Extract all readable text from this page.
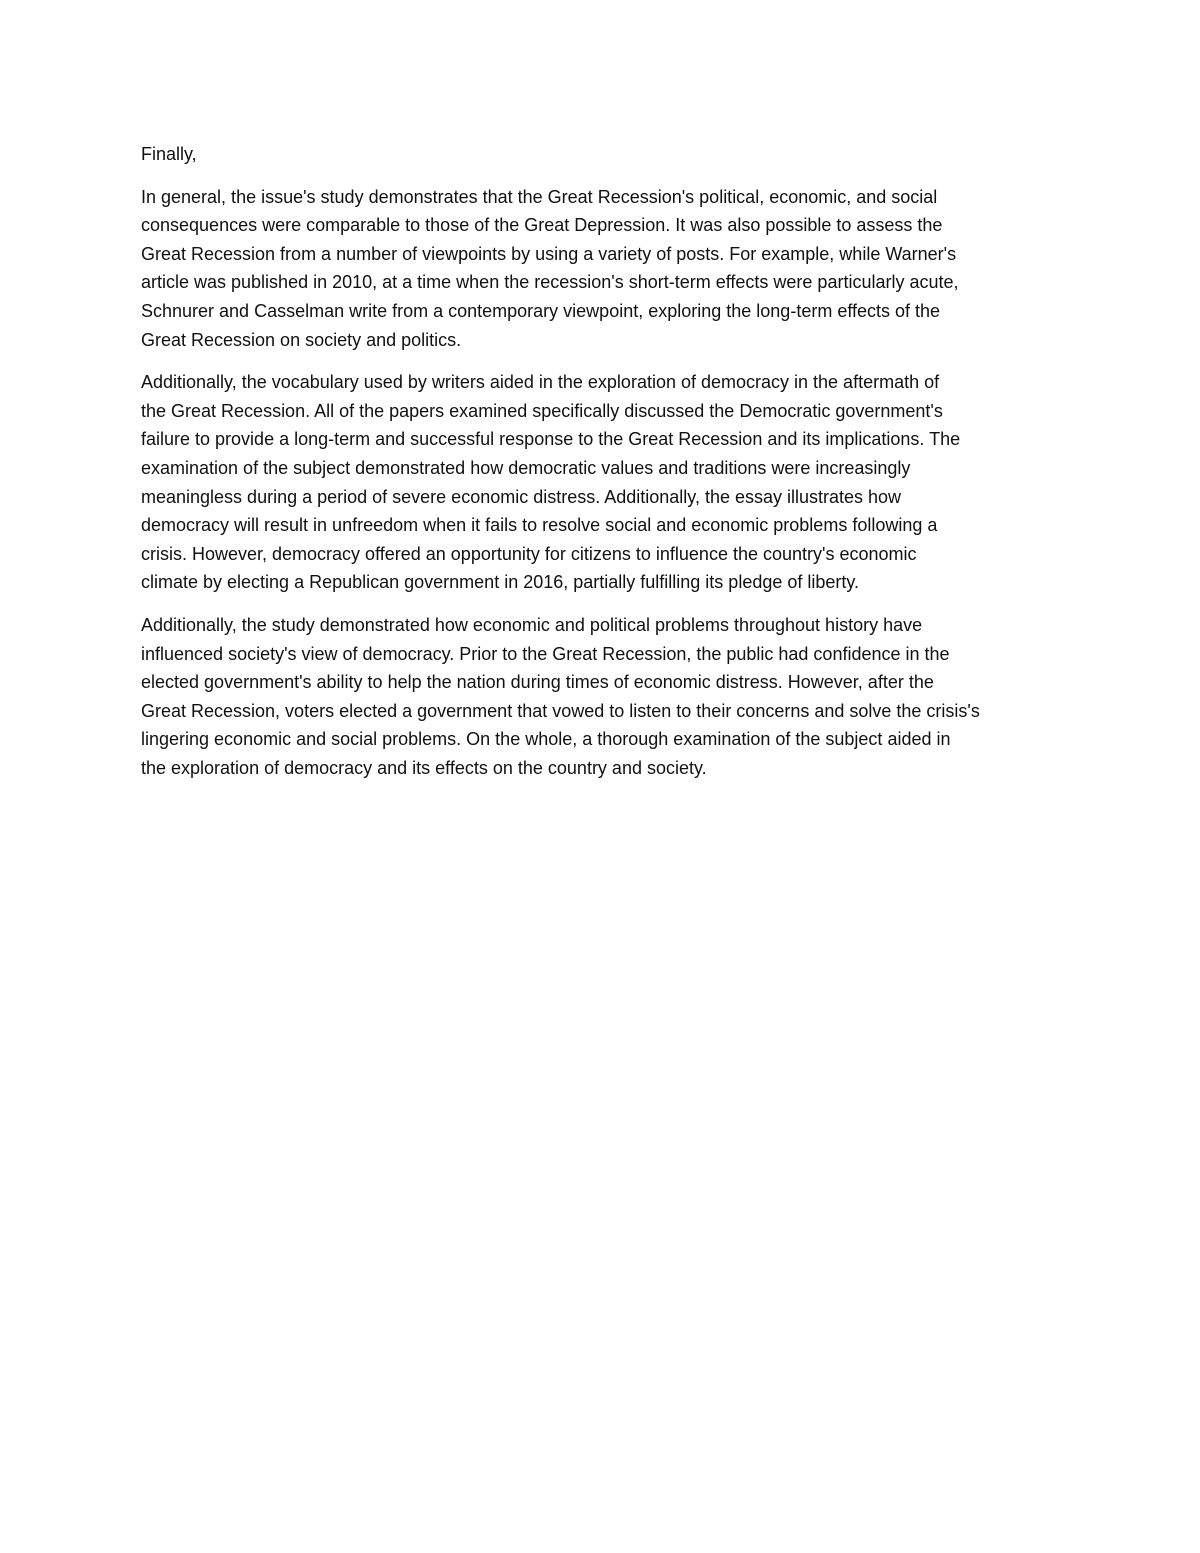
Finally,

In general, the issue's study demonstrates that the Great Recession's political, economic, and social
consequences were comparable to those of the Great Depression. It was also possible to assess the
Great Recession from a number of viewpoints by using a variety of posts. For example, while Warner's
article was published in 2010, at a time when the recession's short-term effects were particularly acute,
Schnurer and Casselman write from a contemporary viewpoint, exploring the long-term effects of the
Great Recession on society and politics.

Additionally, the vocabulary used by writers aided in the exploration of democracy in the aftermath of
the Great Recession. All of the papers examined specifically discussed the Democratic government's
failure to provide a long-term and successful response to the Great Recession and its implications. The
examination of the subject demonstrated how democratic values and traditions were increasingly
meaningless during a period of severe economic distress. Additionally, the essay illustrates how
democracy will result in unfreedom when it fails to resolve social and economic problems following a
crisis. However, democracy offered an opportunity for citizens to influence the country's economic
climate by electing a Republican government in 2016, partially fulfilling its pledge of liberty.

Additionally, the study demonstrated how economic and political problems throughout history have
influenced society's view of democracy. Prior to the Great Recession, the public had confidence in the
elected government's ability to help the nation during times of economic distress. However, after the
Great Recession, voters elected a government that vowed to listen to their concerns and solve the crisis's
lingering economic and social problems. On the whole, a thorough examination of the subject aided in
the exploration of democracy and its effects on the country and society.
